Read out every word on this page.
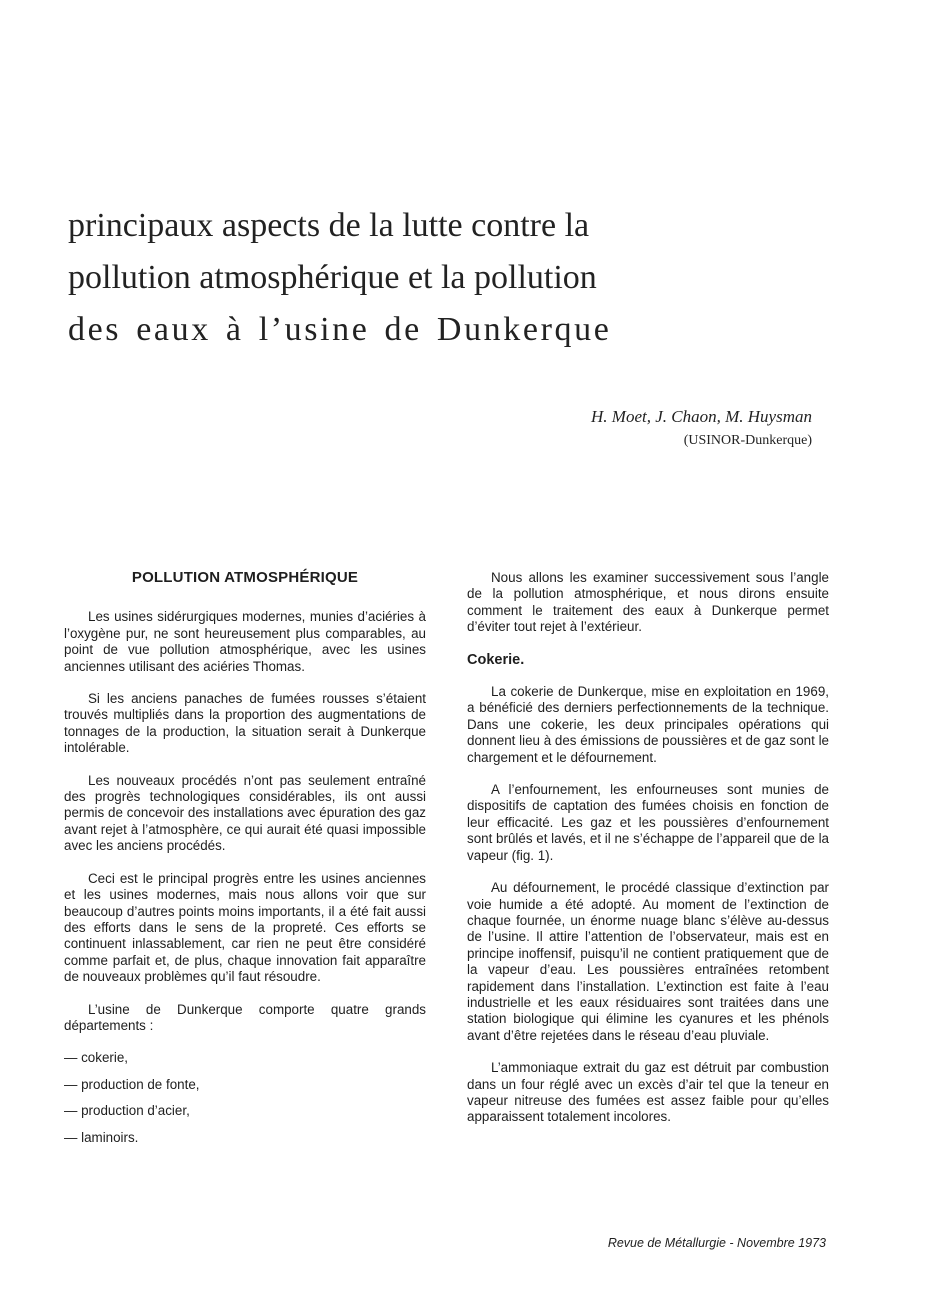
principaux aspects de la lutte contre la
pollution atmosphérique et la pollution
des eaux à l’usine de Dunkerque
H. Moet, J. Chaon, M. Huysman
(USINOR-Dunkerque)
POLLUTION ATMOSPHÉRIQUE

Les usines sidérurgiques modernes, munies d’aciéries à l’oxygène pur, ne sont heureusement plus comparables, au point de vue pollution atmosphérique, avec les usines anciennes utilisant des aciéries Thomas.

Si les anciens panaches de fumées rousses s’étaient trouvés multipliés dans la proportion des augmentations de tonnages de la production, la situation serait à Dunkerque intolérable.

Les nouveaux procédés n’ont pas seulement entraîné des progrès technologiques considérables, ils ont aussi permis de concevoir des installations avec épuration des gaz avant rejet à l’atmosphère, ce qui aurait été quasi impossible avec les anciens procédés.

Ceci est le principal progrès entre les usines anciennes et les usines modernes, mais nous allons voir que sur beaucoup d’autres points moins importants, il a été fait aussi des efforts dans le sens de la propreté. Ces efforts se continuent inlassablement, car rien ne peut être considéré comme parfait et, de plus, chaque innovation fait apparaître de nouveaux problèmes qu’il faut résoudre.

L’usine de Dunkerque comporte quatre grands départements :

— cokerie,
— production de fonte,
— production d’acier,
— laminoirs.

Nous allons les examiner successivement sous l’angle de la pollution atmosphérique, et nous dirons ensuite comment le traitement des eaux à Dunkerque permet d’éviter tout rejet à l’extérieur.

Cokerie.

La cokerie de Dunkerque, mise en exploitation en 1969, a bénéficié des derniers perfectionnements de la technique. Dans une cokerie, les deux principales opérations qui donnent lieu à des émissions de poussières et de gaz sont le chargement et le défournement.

A l’enfournement, les enfourneuses sont munies de dispositifs de captation des fumées choisis en fonction de leur efficacité. Les gaz et les poussières d’enfournement sont brûlés et lavés, et il ne s’échappe de l’appareil que de la vapeur (fig. 1).

Au défournement, le procédé classique d’extinction par voie humide a été adopté. Au moment de l’extinction de chaque fournée, un énorme nuage blanc s’élève au-dessus de l’usine. Il attire l’attention de l’observateur, mais est en principe inoffensif, puisqu’il ne contient pratiquement que de la vapeur d’eau. Les poussières entraînées retombent rapidement dans l’installation. L’extinction est faite à l’eau industrielle et les eaux résiduaires sont traitées dans une station biologique qui élimine les cyanures et les phénols avant d’être rejetées dans le réseau d’eau pluviale.

L’ammoniaque extrait du gaz est détruit par combustion dans un four réglé avec un excès d’air tel que la teneur en vapeur nitreuse des fumées est assez faible pour qu’elles apparaissent totalement incolores.

Revue de Métallurgie - Novembre 1973
